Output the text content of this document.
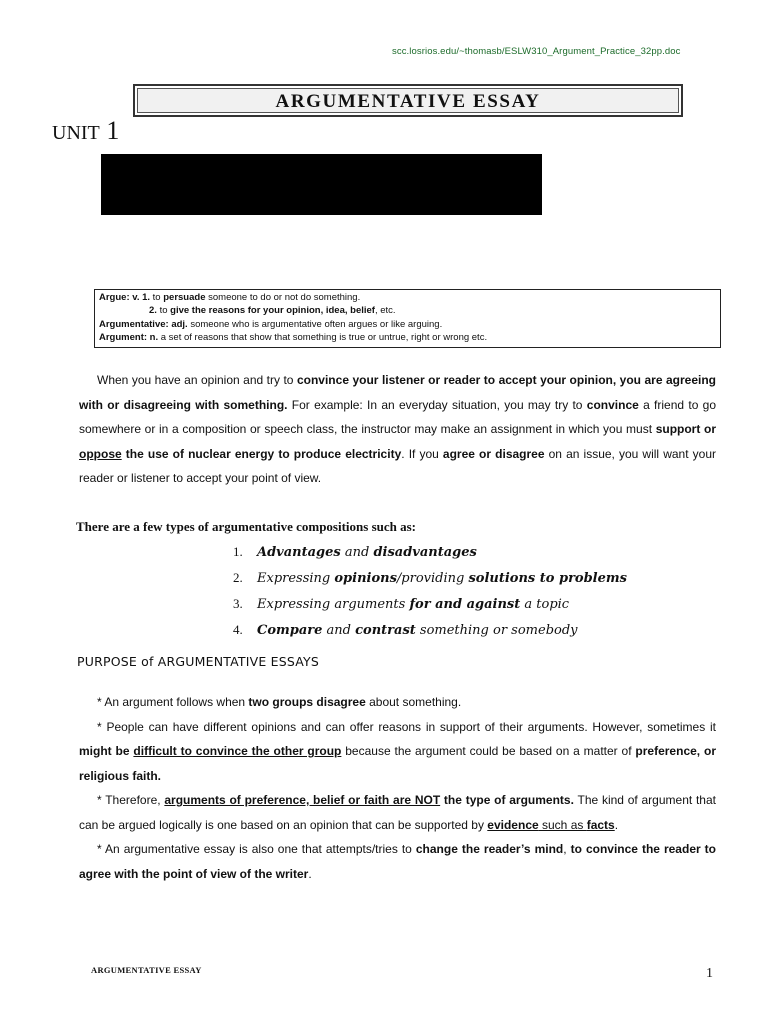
scc.losrios.edu/~thomasb/ESLW310_Argument_Practice_32pp.doc
ARGUMENTATIVE ESSAY
UNIT 1
Argue: v. 1. to persuade someone to do or not do something.
2. to give the reasons for your opinion, idea, belief, etc.
Argumentative: adj. someone who is argumentative often argues or like arguing.
Argument: n. a set of reasons that show that something is true or untrue, right or wrong etc.
When you have an opinion and try to convince your listener or reader to accept your opinion, you are agreeing with or disagreeing with something. For example: In an everyday situation, you may try to convince a friend to go somewhere or in a composition or speech class, the instructor may make an assignment in which you must support or oppose the use of nuclear energy to produce electricity. If you agree or disagree on an issue, you will want your reader or listener to accept your point of view.
There are a few types of argumentative compositions such as:
1. Advantages and disadvantages
2. Expressing opinions/providing solutions to problems
3. Expressing arguments for and against a topic
4. Compare and contrast something or somebody
PURPOSE of ARGUMENTATIVE ESSAYS
* An argument follows when two groups disagree about something.
* People can have different opinions and can offer reasons in support of their arguments. However, sometimes it might be difficult to convince the other group because the argument could be based on a matter of preference, or religious faith.
* Therefore, arguments of preference, belief or faith are NOT the type of arguments. The kind of argument that can be argued logically is one based on an opinion that can be supported by evidence such as facts.
* An argumentative essay is also one that attempts/tries to change the reader’s mind, to convince the reader to agree with the point of view of the writer.
ARGUMENTATIVE ESSAY	1
